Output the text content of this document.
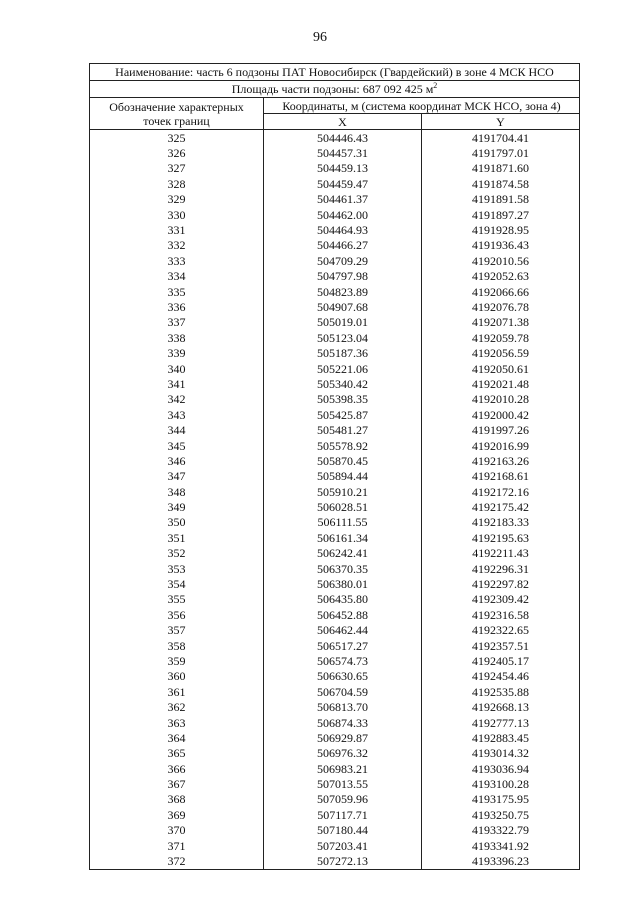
96
Наименование: часть 6 подзоны ПАТ Новосибирск (Гвардейский) в зоне 4 МСК НСО		
Площадь части подзоны: 687 092 425 $м^2$
Обозначение характерных
точек границ	Координаты, м (система координат МСК НСО, зона 4)	
	X	Y
325	504446.43	4191704.41
326	504457.31	4191797.01
327	504459.13	4191871.60
328	504459.47	4191874.58
329	504461.37	4191891.58
330	504462.00	4191897.27
331	504464.93	4191928.95
332	504466.27	4191936.43
333	504709.29	4192010.56
334	504797.98	4192052.63
335	504823.89	4192066.66
336	504907.68	4192076.78
337	505019.01	4192071.38
338	505123.04	4192059.78
339	505187.36	4192056.59
340	505221.06	4192050.61
341	505340.42	4192021.48
342	505398.35	4192010.28
343	505425.87	4192000.42
344	505481.27	4191997.26
345	505578.92	4192016.99
346	505870.45	4192163.26
347	505894.44	4192168.61
348	505910.21	4192172.16
349	506028.51	4192175.42
350	506111.55	4192183.33
351	506161.34	4192195.63
352	506242.41	4192211.43
353	506370.35	4192296.31
354	506380.01	4192297.82
355	506435.80	4192309.42
356	506452.88	4192316.58
357	506462.44	4192322.65
358	506517.27	4192357.51
359	506574.73	4192405.17
360	506630.65	4192454.46
361	506704.59	4192535.88
362	506813.70	4192668.13
363	506874.33	4192777.13
364	506929.87	4192883.45
365	506976.32	4193014.32
366	506983.21	4193036.94
367	507013.55	4193100.28
368	507059.96	4193175.95
369	507117.71	4193250.75
370	507180.44	4193322.79
371	507203.41	4193341.92
372	507272.13	4193396.23
